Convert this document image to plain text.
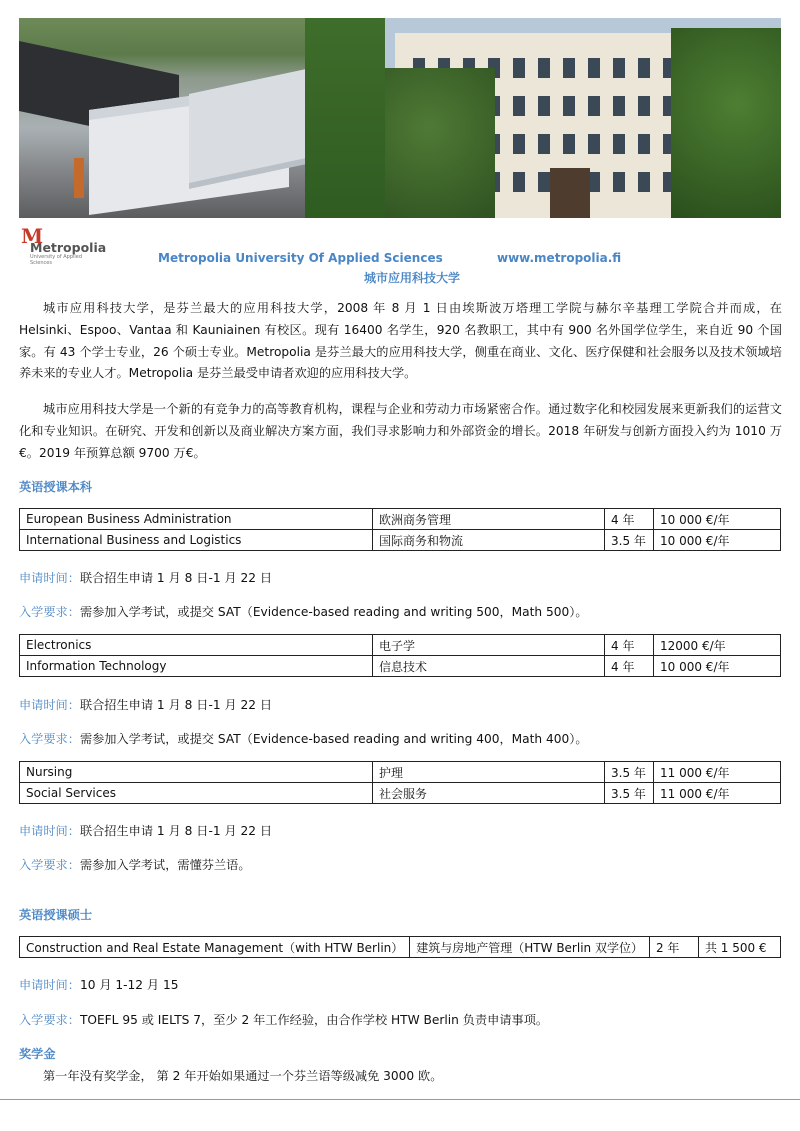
M
Metropolia
University of Applied Sciences	Metropolia University Of Applied Sciences	www.metropolia.fi
城市应用科技大学
城市应用科技大学，是芬兰最大的应用科技大学，2008 年 8 月 1 日由埃斯波万塔理工学院与赫尔辛基理工学院合并而成，在 Helsinki、Espoo、Vantaa 和 Kauniainen 有校区。现有 16400 名学生，920 名教职工，其中有 900 名外国学位学生，来自近 90 个国家。有 43 个学士专业，26 个硕士专业。Metropolia 是芬兰最大的应用科技大学，侧重在商业、文化、医疗保健和社会服务以及技术领域培养未来的专业人才。Metropolia 是芬兰最受申请者欢迎的应用科技大学。
城市应用科技大学是一个新的有竞争力的高等教育机构，课程与企业和劳动力市场紧密合作。通过数字化和校园发展来更新我们的运营文化和专业知识。在研究、开发和创新以及商业解决方案方面，我们寻求影响力和外部资金的增长。2018 年研发与创新方面投入约为 1010 万€。2019 年预算总额 9700 万€。
英语授课本科
European Business Administration	欧洲商务管理	4 年	10 000 €/年
International Business and Logistics	国际商务和物流	3.5 年	10 000 €/年
申请时间：联合招生申请 1 月 8 日-1 月 22 日
入学要求：需参加入学考试，或提交 SAT（Evidence-based reading and writing 500，Math 500）。
Electronics	电子学	4 年	12000 €/年
Information Technology	信息技术	4 年	10 000 €/年
申请时间：联合招生申请 1 月 8 日-1 月 22 日
入学要求：需参加入学考试，或提交 SAT（Evidence-based reading and writing 400，Math 400）。
Nursing	护理	3.5 年	11 000 €/年
Social Services	社会服务	3.5 年	11 000 €/年
申请时间：联合招生申请 1 月 8 日-1 月 22 日
入学要求：需参加入学考试，需懂芬兰语。
英语授课硕士
Construction and Real Estate Management（with HTW Berlin）	建筑与房地产管理（HTW Berlin 双学位）	2 年	共 1 500 €
申请时间：10 月 1-12 月 15
入学要求：TOEFL 95 或 IELTS 7，至少 2 年工作经验，由合作学校 HTW Berlin 负责申请事项。
奖学金
第一年没有奖学金， 第 2 年开始如果通过一个芬兰语等级减免 3000 欧。
